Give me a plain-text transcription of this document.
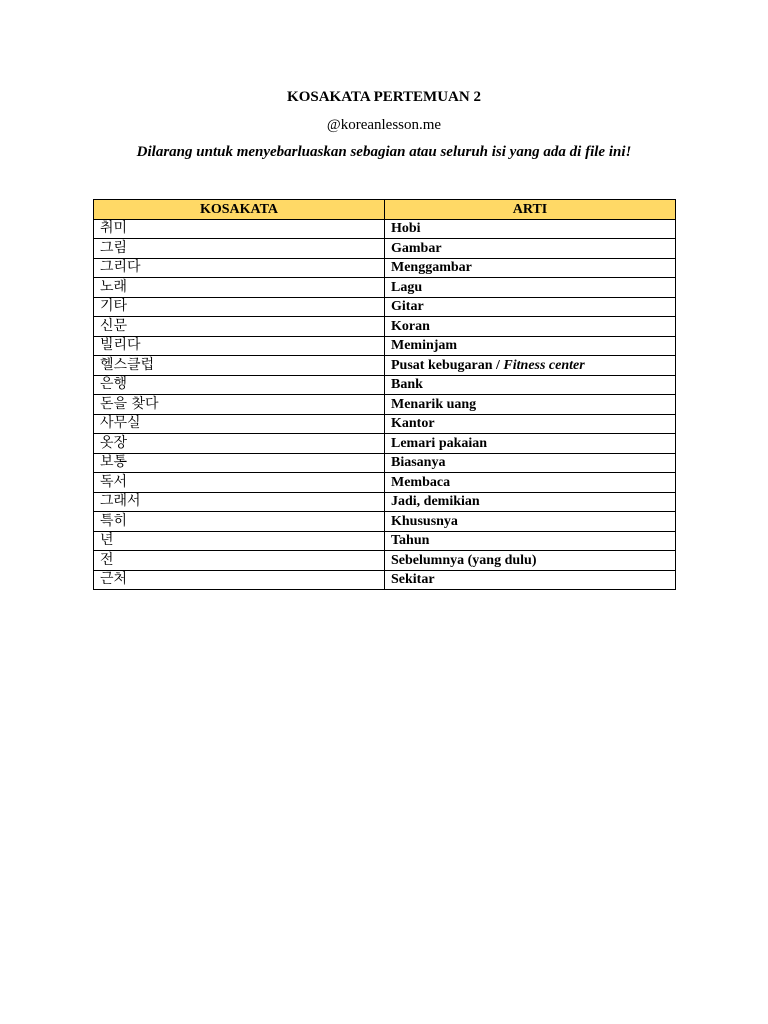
KOSAKATA PERTEMUAN 2
@koreanlesson.me
Dilarang untuk menyebarluaskan sebagian atau seluruh isi yang ada di file ini!
KOSAKATA	ARTI
취미	Hobi
그림	Gambar
그리다	Menggambar
노래	Lagu
기타	Gitar
신문	Koran
빌리다	Meminjam
헬스클럽	Pusat kebugaran / Fitness center
은행	Bank
돈을 찾다	Menarik uang
사무실	Kantor
옷장	Lemari pakaian
보통	Biasanya
독서	Membaca
그래서	Jadi, demikian
특히	Khususnya
년	Tahun
전	Sebelumnya (yang dulu)
근처	Sekitar
